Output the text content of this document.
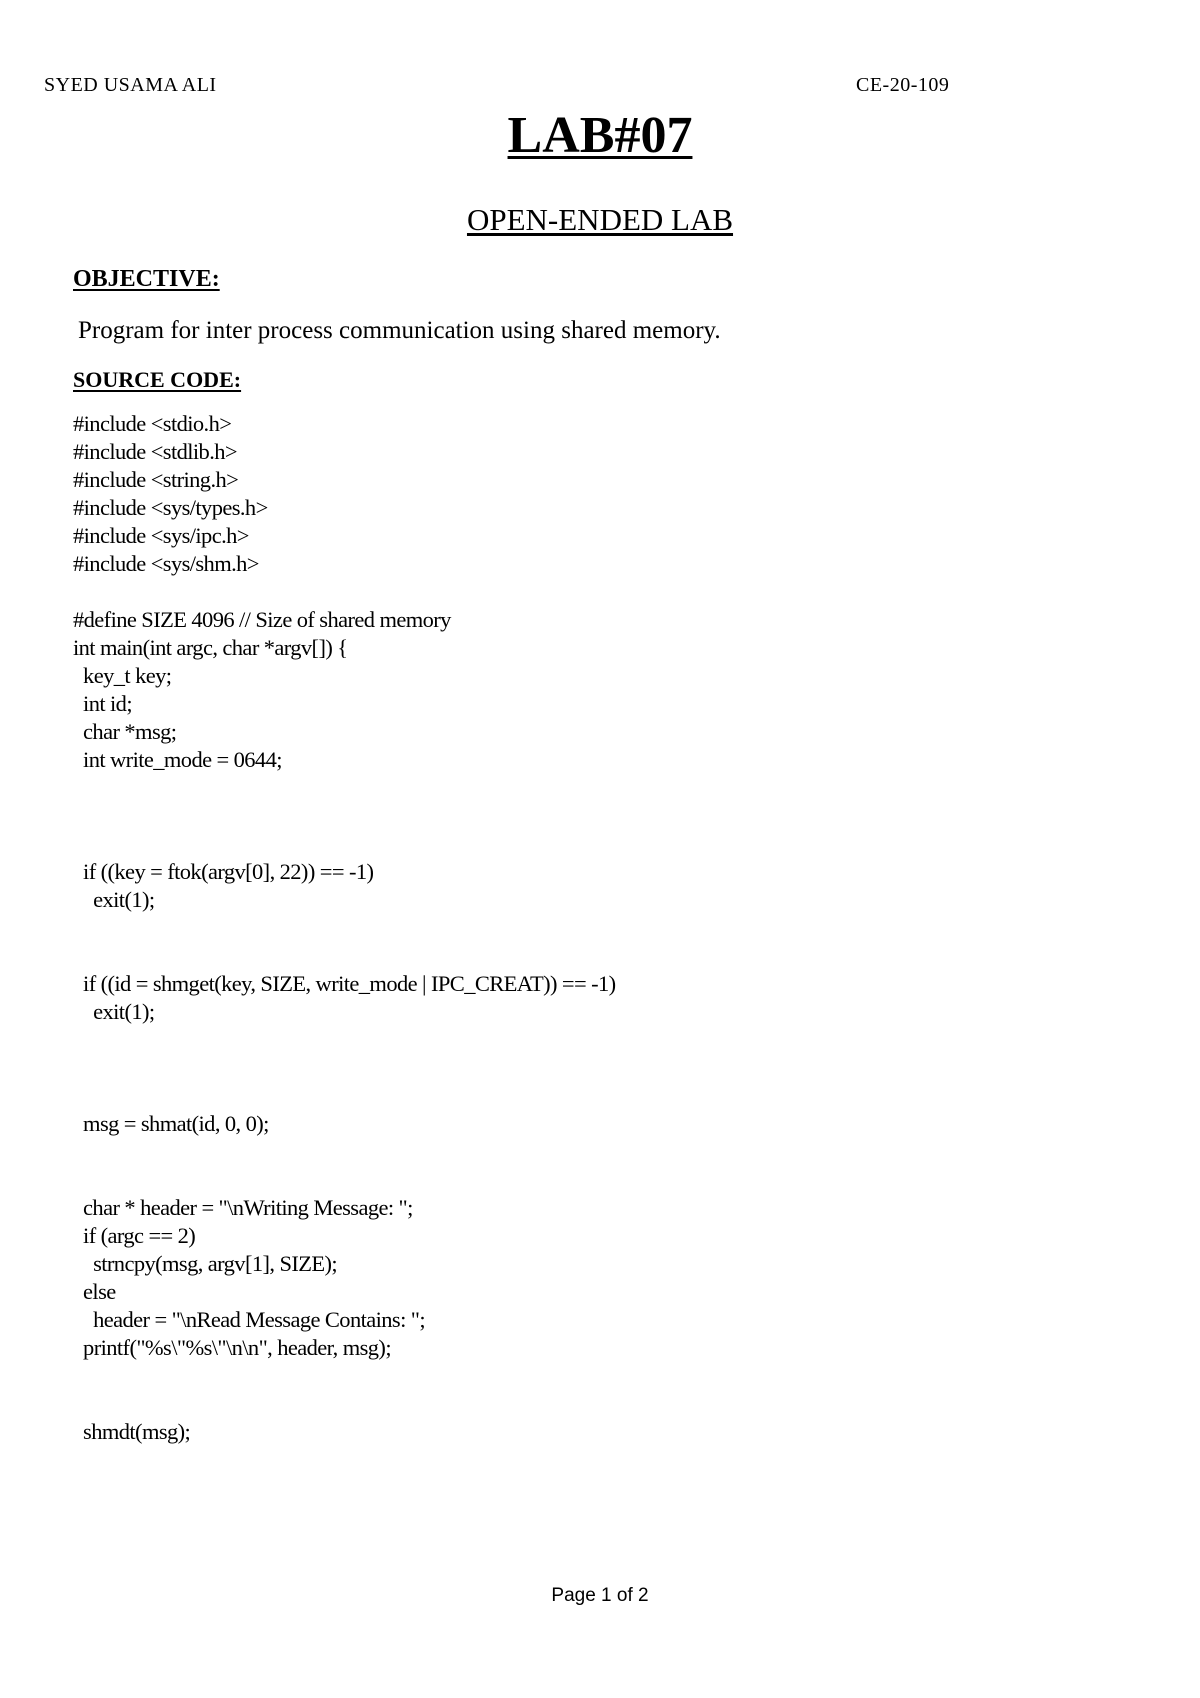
SYED USAMA ALI	CE-20-109
LAB#07
OPEN-ENDED LAB
OBJECTIVE:
Program for inter process communication using shared memory.
SOURCE CODE:
#include <stdio.h>
#include <stdlib.h>
#include <string.h>
#include <sys/types.h>
#include <sys/ipc.h>
#include <sys/shm.h>
#define SIZE 4096 // Size of shared memory
int main(int argc, char *argv[]) {
key_t key;
int id;
char *msg;
int write_mode = 0644;
if ((key = ftok(argv[0], 22)) == -1)
exit(1);
if ((id = shmget(key, SIZE, write_mode | IPC_CREAT)) == -1)
exit(1);
msg = shmat(id, 0, 0);
char * header = "\nWriting Message: ";
if (argc == 2)
strncpy(msg, argv[1], SIZE);
else
header = "\nRead Message Contains: ";
printf("%s\"%s\"\n\n", header, msg);
shmdt(msg);
Page 1 of 2
